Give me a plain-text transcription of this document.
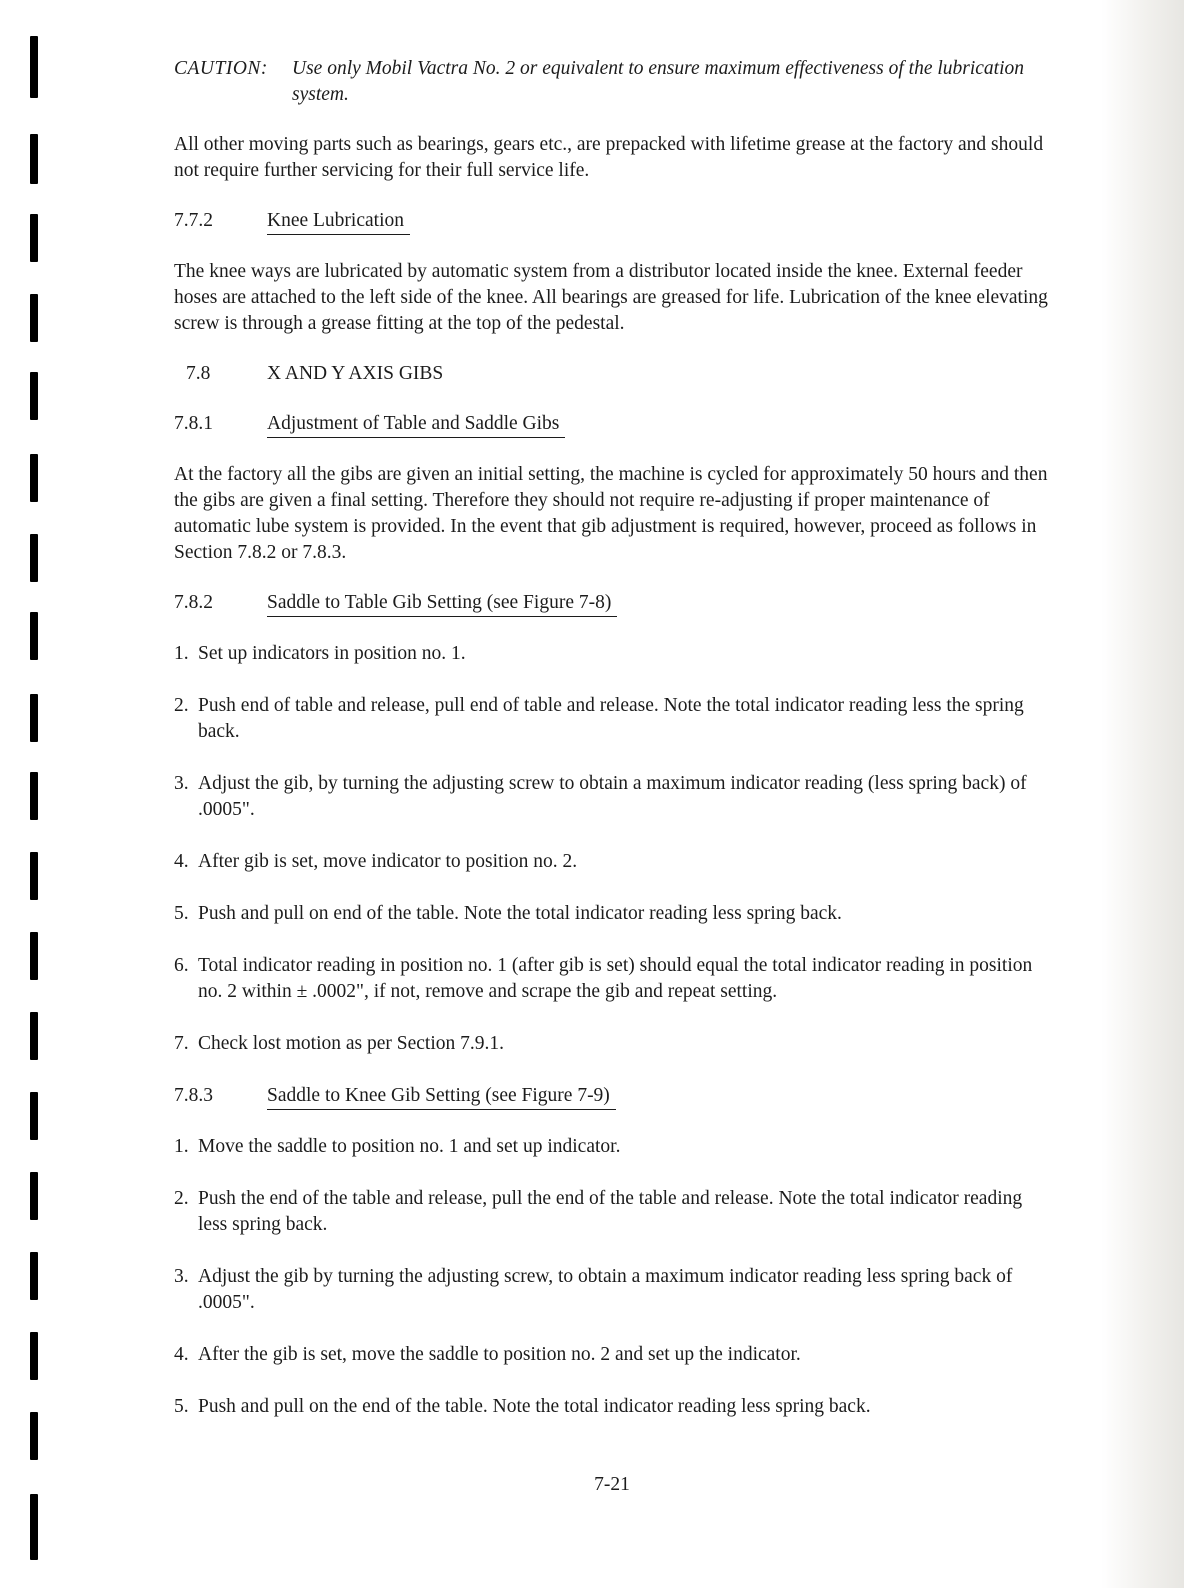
CAUTION:	Use only Mobil Vactra No. 2 or equivalent to ensure maximum effectiveness of the lubrication system.

All other moving parts such as bearings, gears etc., are prepacked with lifetime grease at the factory and should not require further servicing for their full service life.

7.7.2	Knee Lubrication

The knee ways are lubricated by automatic system from a distributor located inside the knee. External feeder hoses are attached to the left side of the knee. All bearings are greased for life. Lubrication of the knee elevating screw is through a grease fitting at the top of the pedestal.

7.8	X AND Y AXIS GIBS
7.8.1	Adjustment of Table and Saddle Gibs

At the factory all the gibs are given an initial setting, the machine is cycled for approximately 50 hours and then the gibs are given a final setting. Therefore they should not require re-adjusting if proper maintenance of automatic lube system is provided. In the event that gib adjustment is required, however, proceed as follows in Section 7.8.2 or 7.8.3.

7.8.2	Saddle to Table Gib Setting (see Figure 7-8)
1. Set up indicators in position no. 1.
2. Push end of table and release, pull end of table and release. Note the total indicator reading less the spring back.
3. Adjust the gib, by turning the adjusting screw to obtain a maximum indicator reading (less spring back) of .0005".
4. After gib is set, move indicator to position no. 2.
5. Push and pull on end of the table. Note the total indicator reading less spring back.
6. Total indicator reading in position no. 1 (after gib is set) should equal the total indicator reading in position no. 2 within ± .0002", if not, remove and scrape the gib and repeat setting.
7. Check lost motion as per Section 7.9.1.
7.8.3	Saddle to Knee Gib Setting (see Figure 7-9)
1. Move the saddle to position no. 1 and set up indicator.
2. Push the end of the table and release, pull the end of the table and release. Note the total indicator reading less spring back.
3. Adjust the gib by turning the adjusting screw, to obtain a maximum indicator reading less spring back of .0005".
4. After the gib is set, move the saddle to position no. 2 and set up the indicator.
5. Push and pull on the end of the table. Note the total indicator reading less spring back.
7-21
